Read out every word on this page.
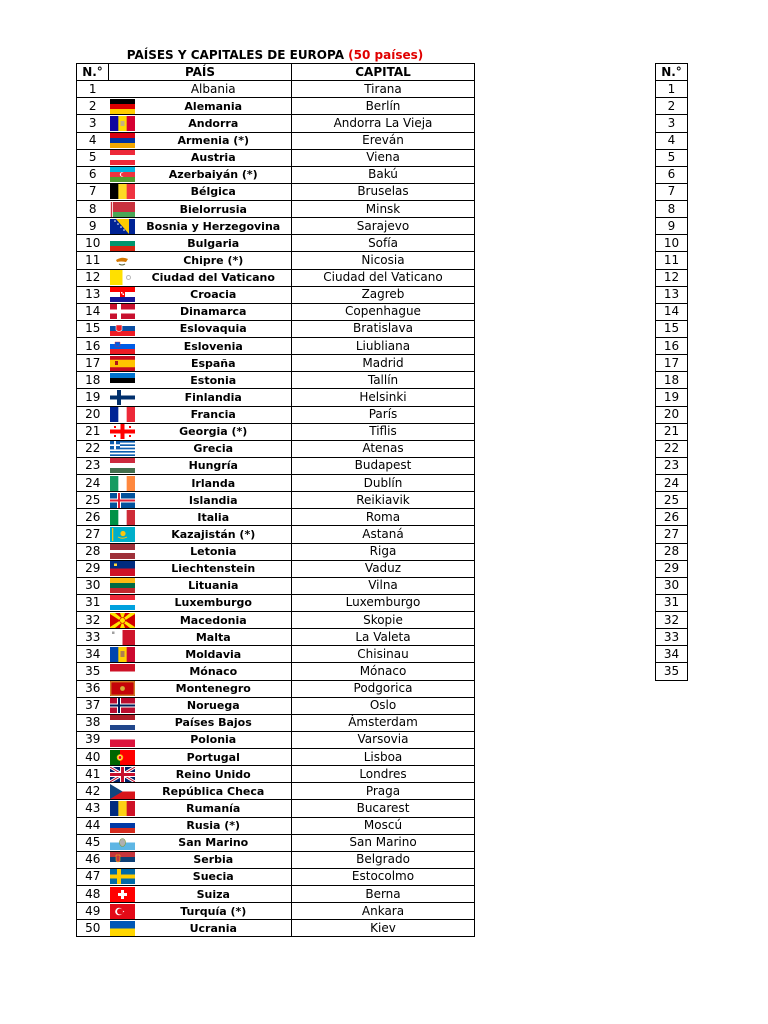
PAÍSES Y CAPITALES DE EUROPA (50 países)
N.°	PAÍS		CAPITAL
1		Albania	Tirana
2		Alemania	Berlín
3		Andorra	Andorra La Vieja
4		Armenia (*)	Ereván
5		Austria	Viena
6		Azerbaiyán (*)	Bakú
7		Bélgica	Bruselas
8		Bielorrusia	Minsk
9		Bosnia y Herzegovina	Sarajevo
10		Bulgaria	Sofía
11		Chipre (*)	Nicosia
12		Ciudad del Vaticano	Ciudad del Vaticano
13		Croacia	Zagreb
14		Dinamarca	Copenhague
15		Eslovaquia	Bratislava
16		Eslovenia	Liubliana
17		España	Madrid
18		Estonia	Tallín
19		Finlandia	Helsinki
20		Francia	París
21		Georgia (*)	Tiflis
22		Grecia	Atenas
23		Hungría	Budapest
24		Irlanda	Dublín
25		Islandia	Reikiavik
26		Italia	Roma
27		Kazajistán (*)	Astaná
28		Letonia	Riga
29		Liechtenstein	Vaduz
30		Lituania	Vilna
31		Luxemburgo	Luxemburgo
32		Macedonia	Skopie
33		Malta	La Valeta
34		Moldavia	Chisinau
35		Mónaco	Mónaco
36		Montenegro	Podgorica
37		Noruega	Oslo
38		Países Bajos	Ámsterdam
39		Polonia	Varsovia
40		Portugal	Lisboa
41		Reino Unido	Londres
42		República Checa	Praga
43		Rumanía	Bucarest
44		Rusia (*)	Moscú
45		San Marino	San Marino
46		Serbia	Belgrado
47		Suecia	Estocolmo
48		Suiza	Berna
49		Turquía (*)	Ankara
50		Ucrania	Kiev
N.°
1
2
3
4
5
6
7
8
9
10
11
12
13
14
15
16
17
18
19
20
21
22
23
24
25
26
27
28
29
30
31
32
33
34
35
